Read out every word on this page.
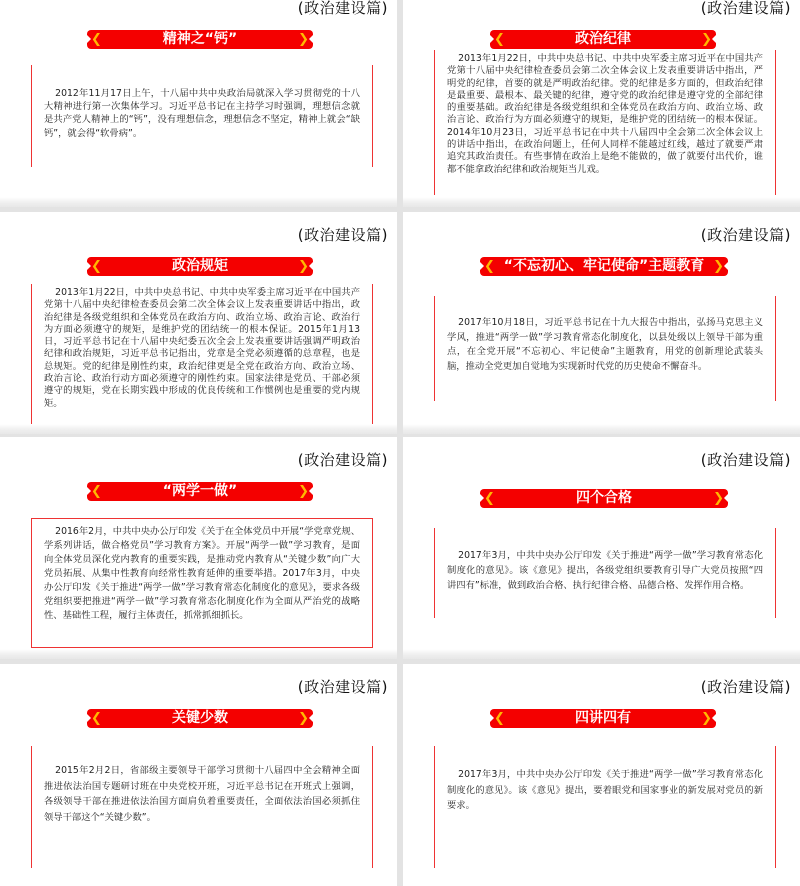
(政治建设篇)
❮	精神之“钙”	❯
2012年11月17日上午，十八届中共中央政治局就深入学习贯彻党的十八大精神进行第一次集体学习。习近平总书记在主持学习时强调，理想信念就是共产党人精神上的“钙”，没有理想信念，理想信念不坚定，精神上就会“缺钙”，就会得“软骨病”。
(政治建设篇)
❮	政治纪律	❯
2013年1月22日，中共中央总书记、中共中央军委主席习近平在中国共产党第十八届中央纪律检查委员会第二次全体会议上发表重要讲话中指出，严明党的纪律，首要的就是严明政治纪律。党的纪律是多方面的，但政治纪律是最重要、最根本、最关键的纪律，遵守党的政治纪律是遵守党的全部纪律的重要基础。政治纪律是各级党组织和全体党员在政治方向、政治立场、政治言论、政治行为方面必须遵守的规矩，是维护党的团结统一的根本保证。2014年10月23日，习近平总书记在中共十八届四中全会第二次全体会议上的讲话中指出，在政治问题上，任何人同样不能越过红线，越过了就要严肃追究其政治责任。有些事情在政治上是绝不能做的，做了就要付出代价，谁都不能拿政治纪律和政治规矩当儿戏。
(政治建设篇)
❮	政治规矩	❯
2013年1月22日，中共中央总书记、中共中央军委主席习近平在中国共产党第十八届中央纪律检查委员会第二次全体会议上发表重要讲话中指出，政治纪律是各级党组织和全体党员在政治方向、政治立场、政治言论、政治行为方面必须遵守的规矩，是维护党的团结统一的根本保证。2015年1月13日，习近平总书记在十八届中央纪委五次全会上发表重要讲话强调严明政治纪律和政治规矩，习近平总书记指出，党章是全党必须遵循的总章程，也是总规矩。党的纪律是刚性约束，政治纪律更是全党在政治方向、政治立场、政治言论、政治行动方面必须遵守的刚性约束。国家法律是党员、干部必须遵守的规矩，党在长期实践中形成的优良传统和工作惯例也是重要的党内规矩。
(政治建设篇)
❮ “不忘初心、牢记使命”主题教育 ❯
2017年10月18日，习近平总书记在十九大报告中指出，弘扬马克思主义学风，推进“两学一做”学习教育常态化制度化，以县处级以上领导干部为重点，在全党开展“不忘初心、牢记使命”主题教育，用党的创新理论武装头脑，推动全党更加自觉地为实现新时代党的历史使命不懈奋斗。
(政治建设篇)
❮	“两学一做”	❯
2016年2月，中共中央办公厅印发《关于在全体党员中开展“学党章党规、学系列讲话，做合格党员”学习教育方案》。开展“两学一做”学习教育，是面向全体党员深化党内教育的重要实践，是推动党内教育从“关键少数”向广大党员拓展、从集中性教育向经常性教育延伸的重要举措。2017年3月，中央办公厅印发《关于推进“两学一做”学习教育常态化制度化的意见》，要求各级党组织要把推进“两学一做”学习教育常态化制度化作为全面从严治党的战略性、基础性工程，履行主体责任，抓常抓细抓长。
(政治建设篇)
❮	四个合格	❯
2017年3月，中共中央办公厅印发《关于推进“两学一做”学习教育常态化制度化的意见》。该《意见》提出，各级党组织要教育引导广大党员按照“四讲四有”标准，做到政治合格、执行纪律合格、品德合格、发挥作用合格。
(政治建设篇)
❮	关键少数	❯
2015年2月2日，省部级主要领导干部学习贯彻十八届四中全会精神全面推进依法治国专题研讨班在中央党校开班，习近平总书记在开班式上强调，各级领导干部在推进依法治国方面肩负着重要责任，全面依法治国必须抓住领导干部这个“关键少数”。
(政治建设篇)
❮	四讲四有	❯
2017年3月，中共中央办公厅印发《关于推进“两学一做”学习教育常态化制度化的意见》。该《意见》提出，要着眼党和国家事业的新发展对党员的新要求。
